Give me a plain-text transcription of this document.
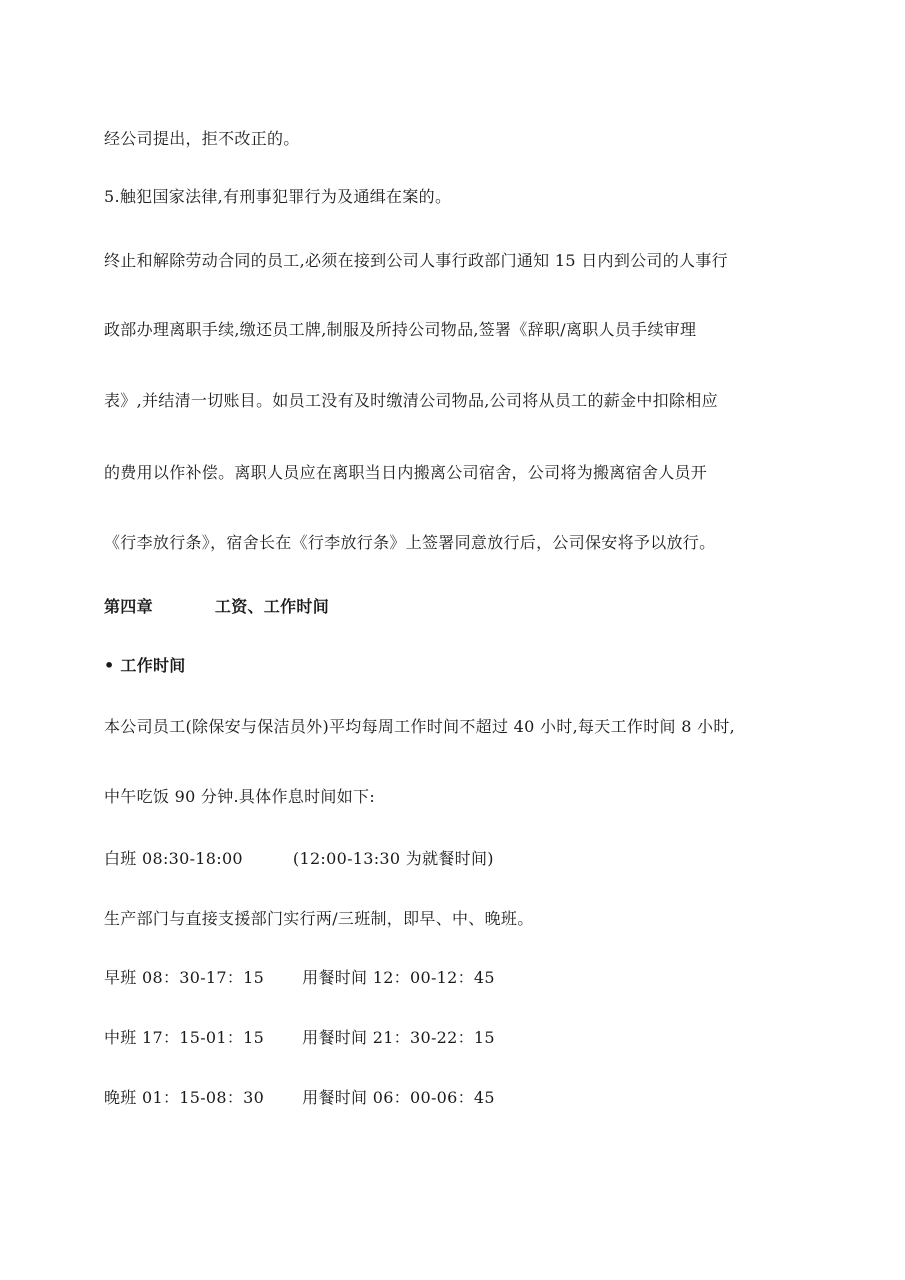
经公司提出，拒不改正的。
5.触犯国家法律,有刑事犯罪行为及通缉在案的。
终止和解除劳动合同的员工,必须在接到公司人事行政部门通知 15 日内到公司的人事行
政部办理离职手续,缴还员工牌,制服及所持公司物品,签署《辞职/离职人员手续审理
表》,并结清一切账目。如员工没有及时缴清公司物品,公司将从员工的薪金中扣除相应
的费用以作补偿。离职人员应在离职当日内搬离公司宿舍，公司将为搬离宿舍人员开
《行李放行条》，宿舍长在《行李放行条》上签署同意放行后，公司保安将予以放行。
第四章	工资、工作时间
• 工作时间
本公司员工(除保安与保洁员外)平均每周工作时间不超过 40 小时,每天工作时间 8 小时,
中午吃饭 90 分钟.具体作息时间如下:
白班 08:30-18:00	(12:00-13:30 为就餐时间)
生产部门与直接支援部门实行两/三班制，即早、中、晚班。
早班 08：30-17：15 用餐时间 12：00-12：45
中班 17：15-01：15 用餐时间 21：30-22：15
晚班 01：15-08：30 用餐时间 06：00-06：45
